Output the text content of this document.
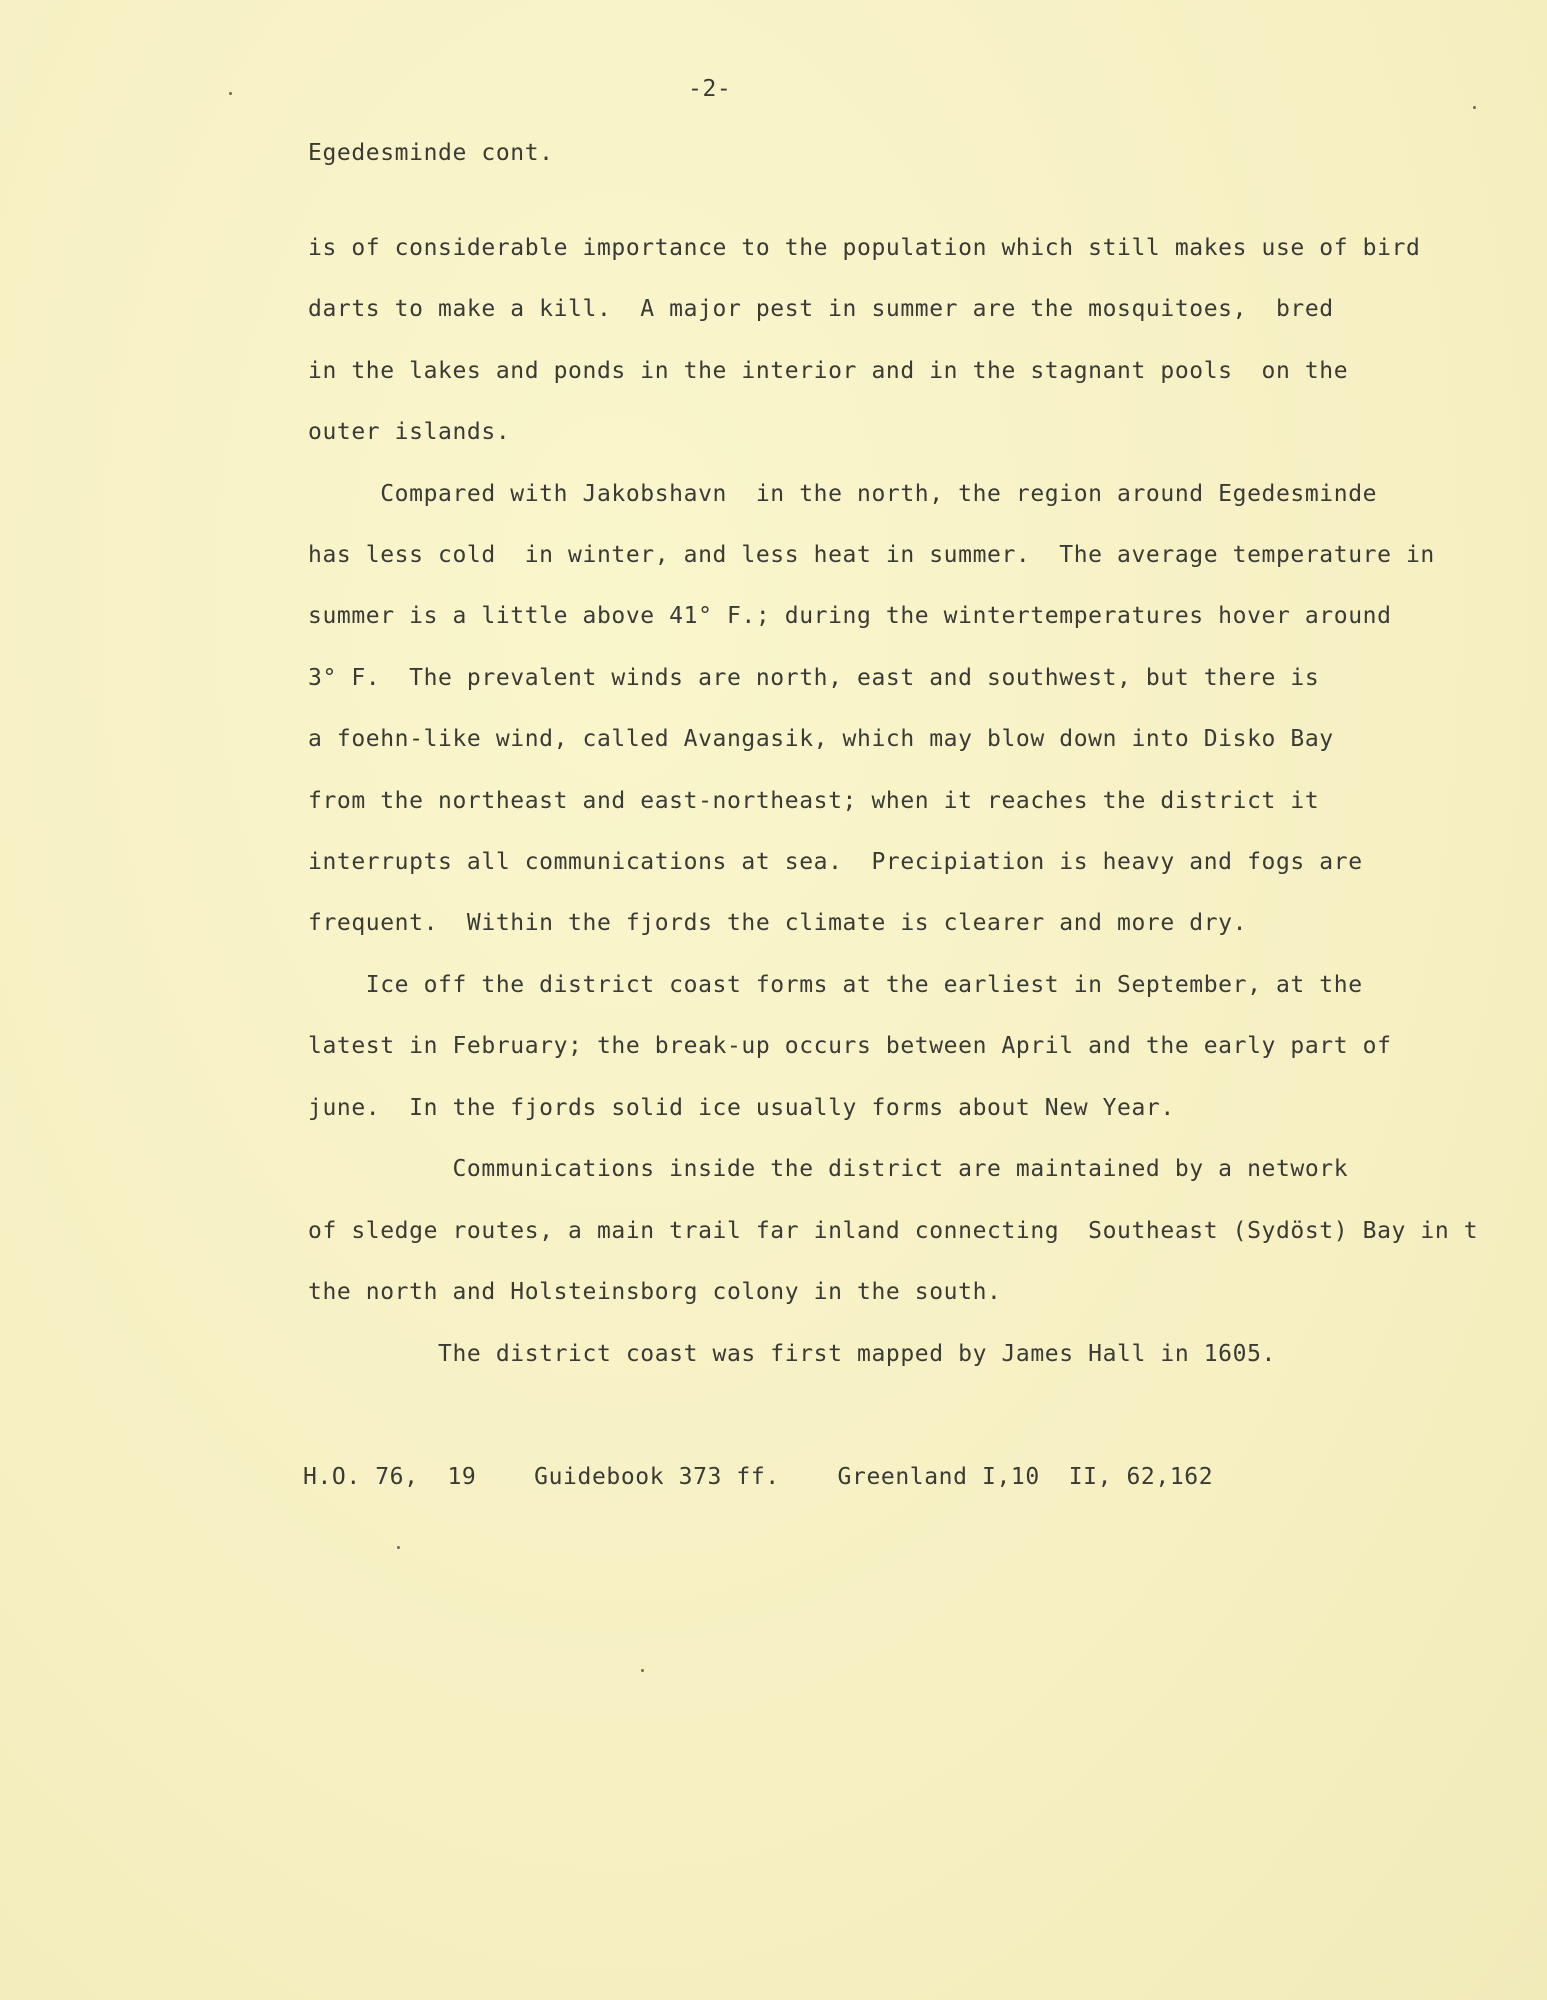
-2-
Egedesminde cont.
is of considerable importance to the population which still makes use of bird
darts to make a kill.  A major pest in summer are the mosquitoes,  bred
in the lakes and ponds in the interior and in the stagnant pools  on the
outer islands.
Compared with Jakobshavn  in the north, the region around Egedesminde
has less cold  in winter, and less heat in summer.  The average temperature in
summer is a little above 41° F.; during the wintertemperatures hover around
3° F.  The prevalent winds are north, east and southwest, but there is
a foehn-like wind, called Avangasik, which may blow down into Disko Bay
from the northeast and east-northeast; when it reaches the district it
interrupts all communications at sea.  Precipiation is heavy and fogs are
frequent.  Within the fjords the climate is clearer and more dry.
Ice off the district coast forms at the earliest in September, at the
latest in February; the break-up occurs between April and the early part of
june.  In the fjords solid ice usually forms about New Year.
Communications inside the district are maintained by a network
of sledge routes, a main trail far inland connecting  Southeast (Sydöst) Bay in t
the north and Holsteinsborg colony in the south.
The district coast was first mapped by James Hall in 1605.
H.O. 76,  19    Guidebook 373 ff.    Greenland I,10  II, 62,162
